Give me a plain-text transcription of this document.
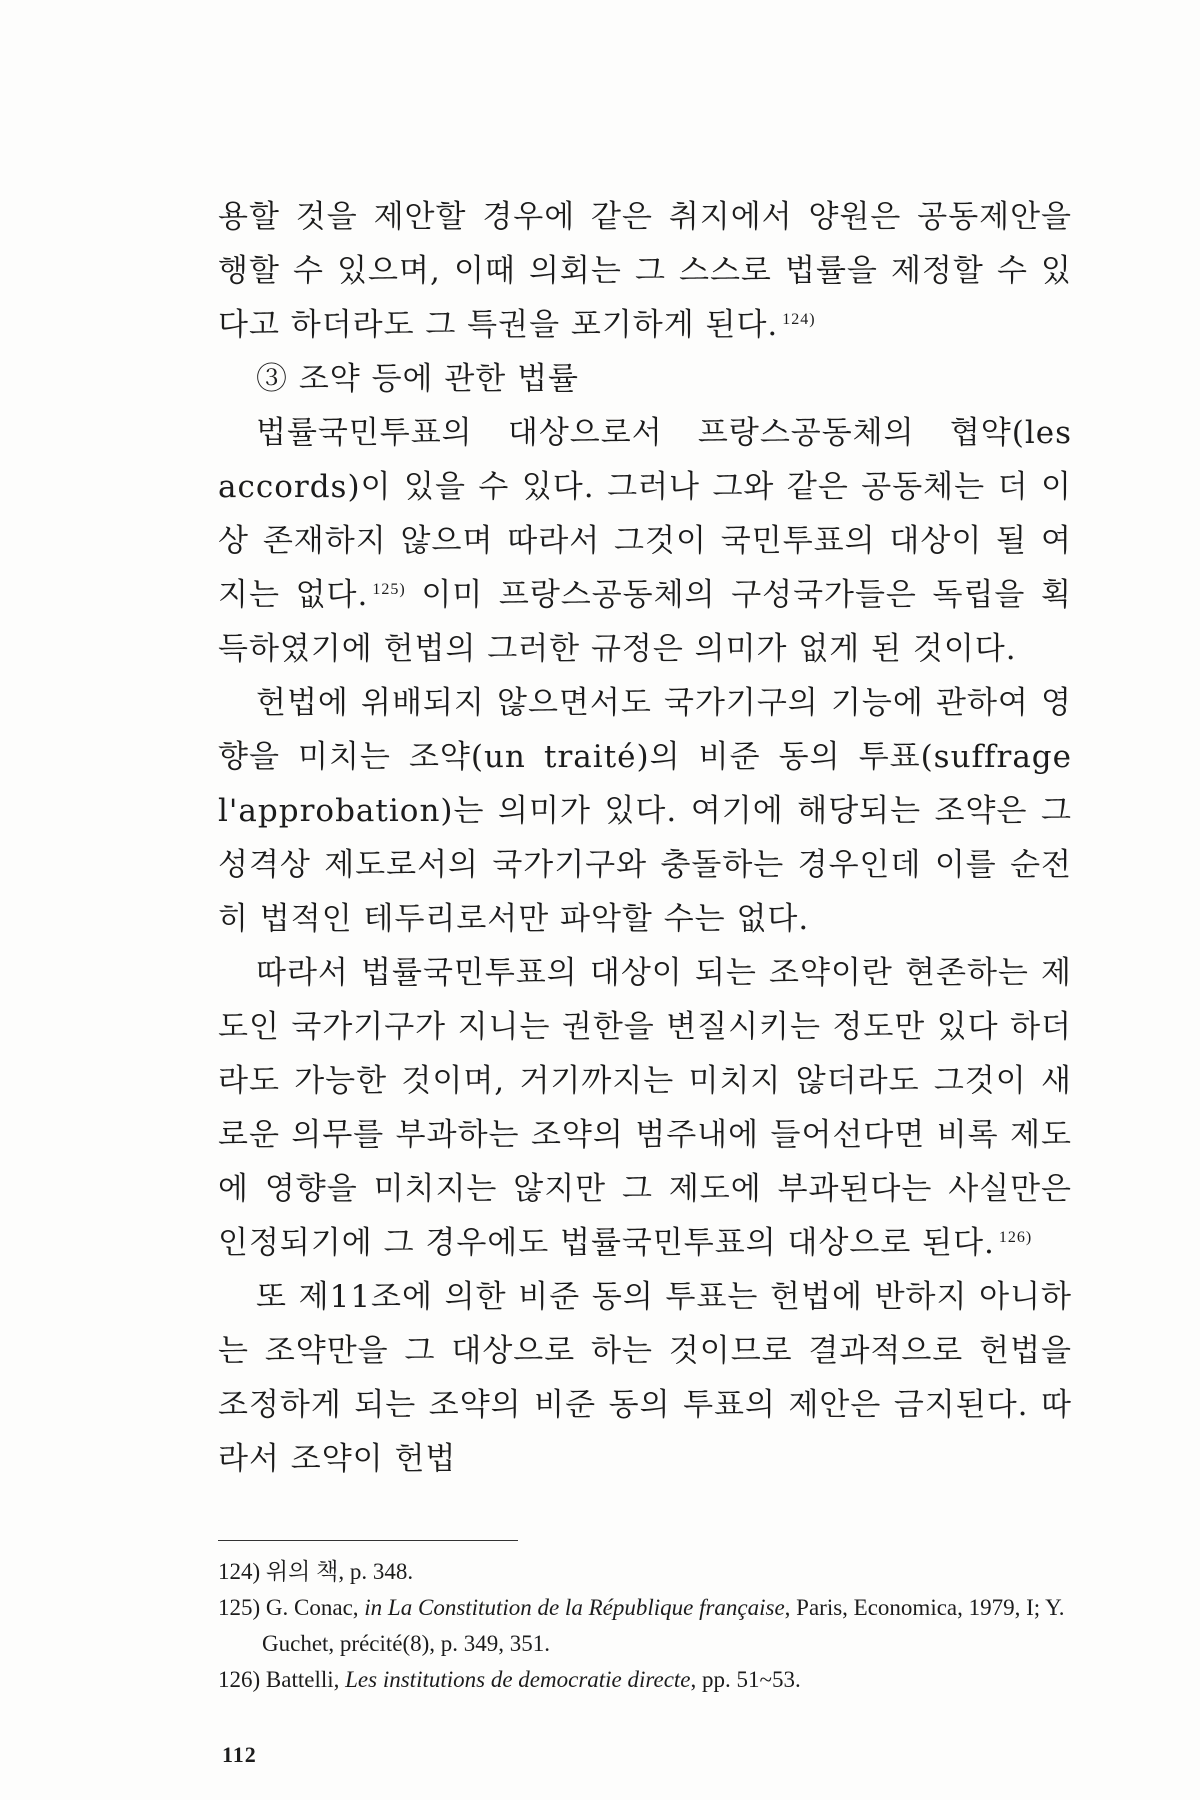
용할 것을 제안할 경우에 같은 취지에서 양원은 공동제안을 행할 수 있으며, 이때 의회는 그 스스로 법률을 제정할 수 있다고 하더라도 그 특권을 포기하게 된다. $^{124)}$

③ 조약 등에 관한 법률

법률국민투표의 대상으로서 프랑스공동체의 협약(les accords)이 있을 수 있다. 그러나 그와 같은 공동체는 더 이상 존재하지 않으며 따라서 그것이 국민투표의 대상이 될 여지는 없다. $^{125)}$ 이미 프랑스공동체의 구성국가들은 독립을 획득하였기에 헌법의 그러한 규정은 의미가 없게 된 것이다.

헌법에 위배되지 않으면서도 국가기구의 기능에 관하여 영향을 미치는 조약(un traité)의 비준 동의 투표(suffrage l'approbation)는 의미가 있다. 여기에 해당되는 조약은 그 성격상 제도로서의 국가기구와 충돌하는 경우인데 이를 순전히 법적인 테두리로서만 파악할 수는 없다.

따라서 법률국민투표의 대상이 되는 조약이란 현존하는 제도인 국가기구가 지니는 권한을 변질시키는 정도만 있다 하더라도 가능한 것이며, 거기까지는 미치지 않더라도 그것이 새로운 의무를 부과하는 조약의 범주내에 들어선다면 비록 제도에 영향을 미치지는 않지만 그 제도에 부과된다는 사실만은 인정되기에 그 경우에도 법률국민투표의 대상으로 된다. $^{126)}$

또 제11조에 의한 비준 동의 투표는 헌법에 반하지 아니하는 조약만을 그 대상으로 하는 것이므로 결과적으로 헌법을 조정하게 되는 조약의 비준 동의 투표의 제안은 금지된다. 따라서 조약이 헌법

124) 위의 책, p. 348.

125) G. Conac, in La Constitution de la République française, Paris, Economica, 1979, I; Y. Guchet, précité(8), p. 349, 351.

126) Battelli, Les institutions de democratie directe, pp. 51~53.

112
